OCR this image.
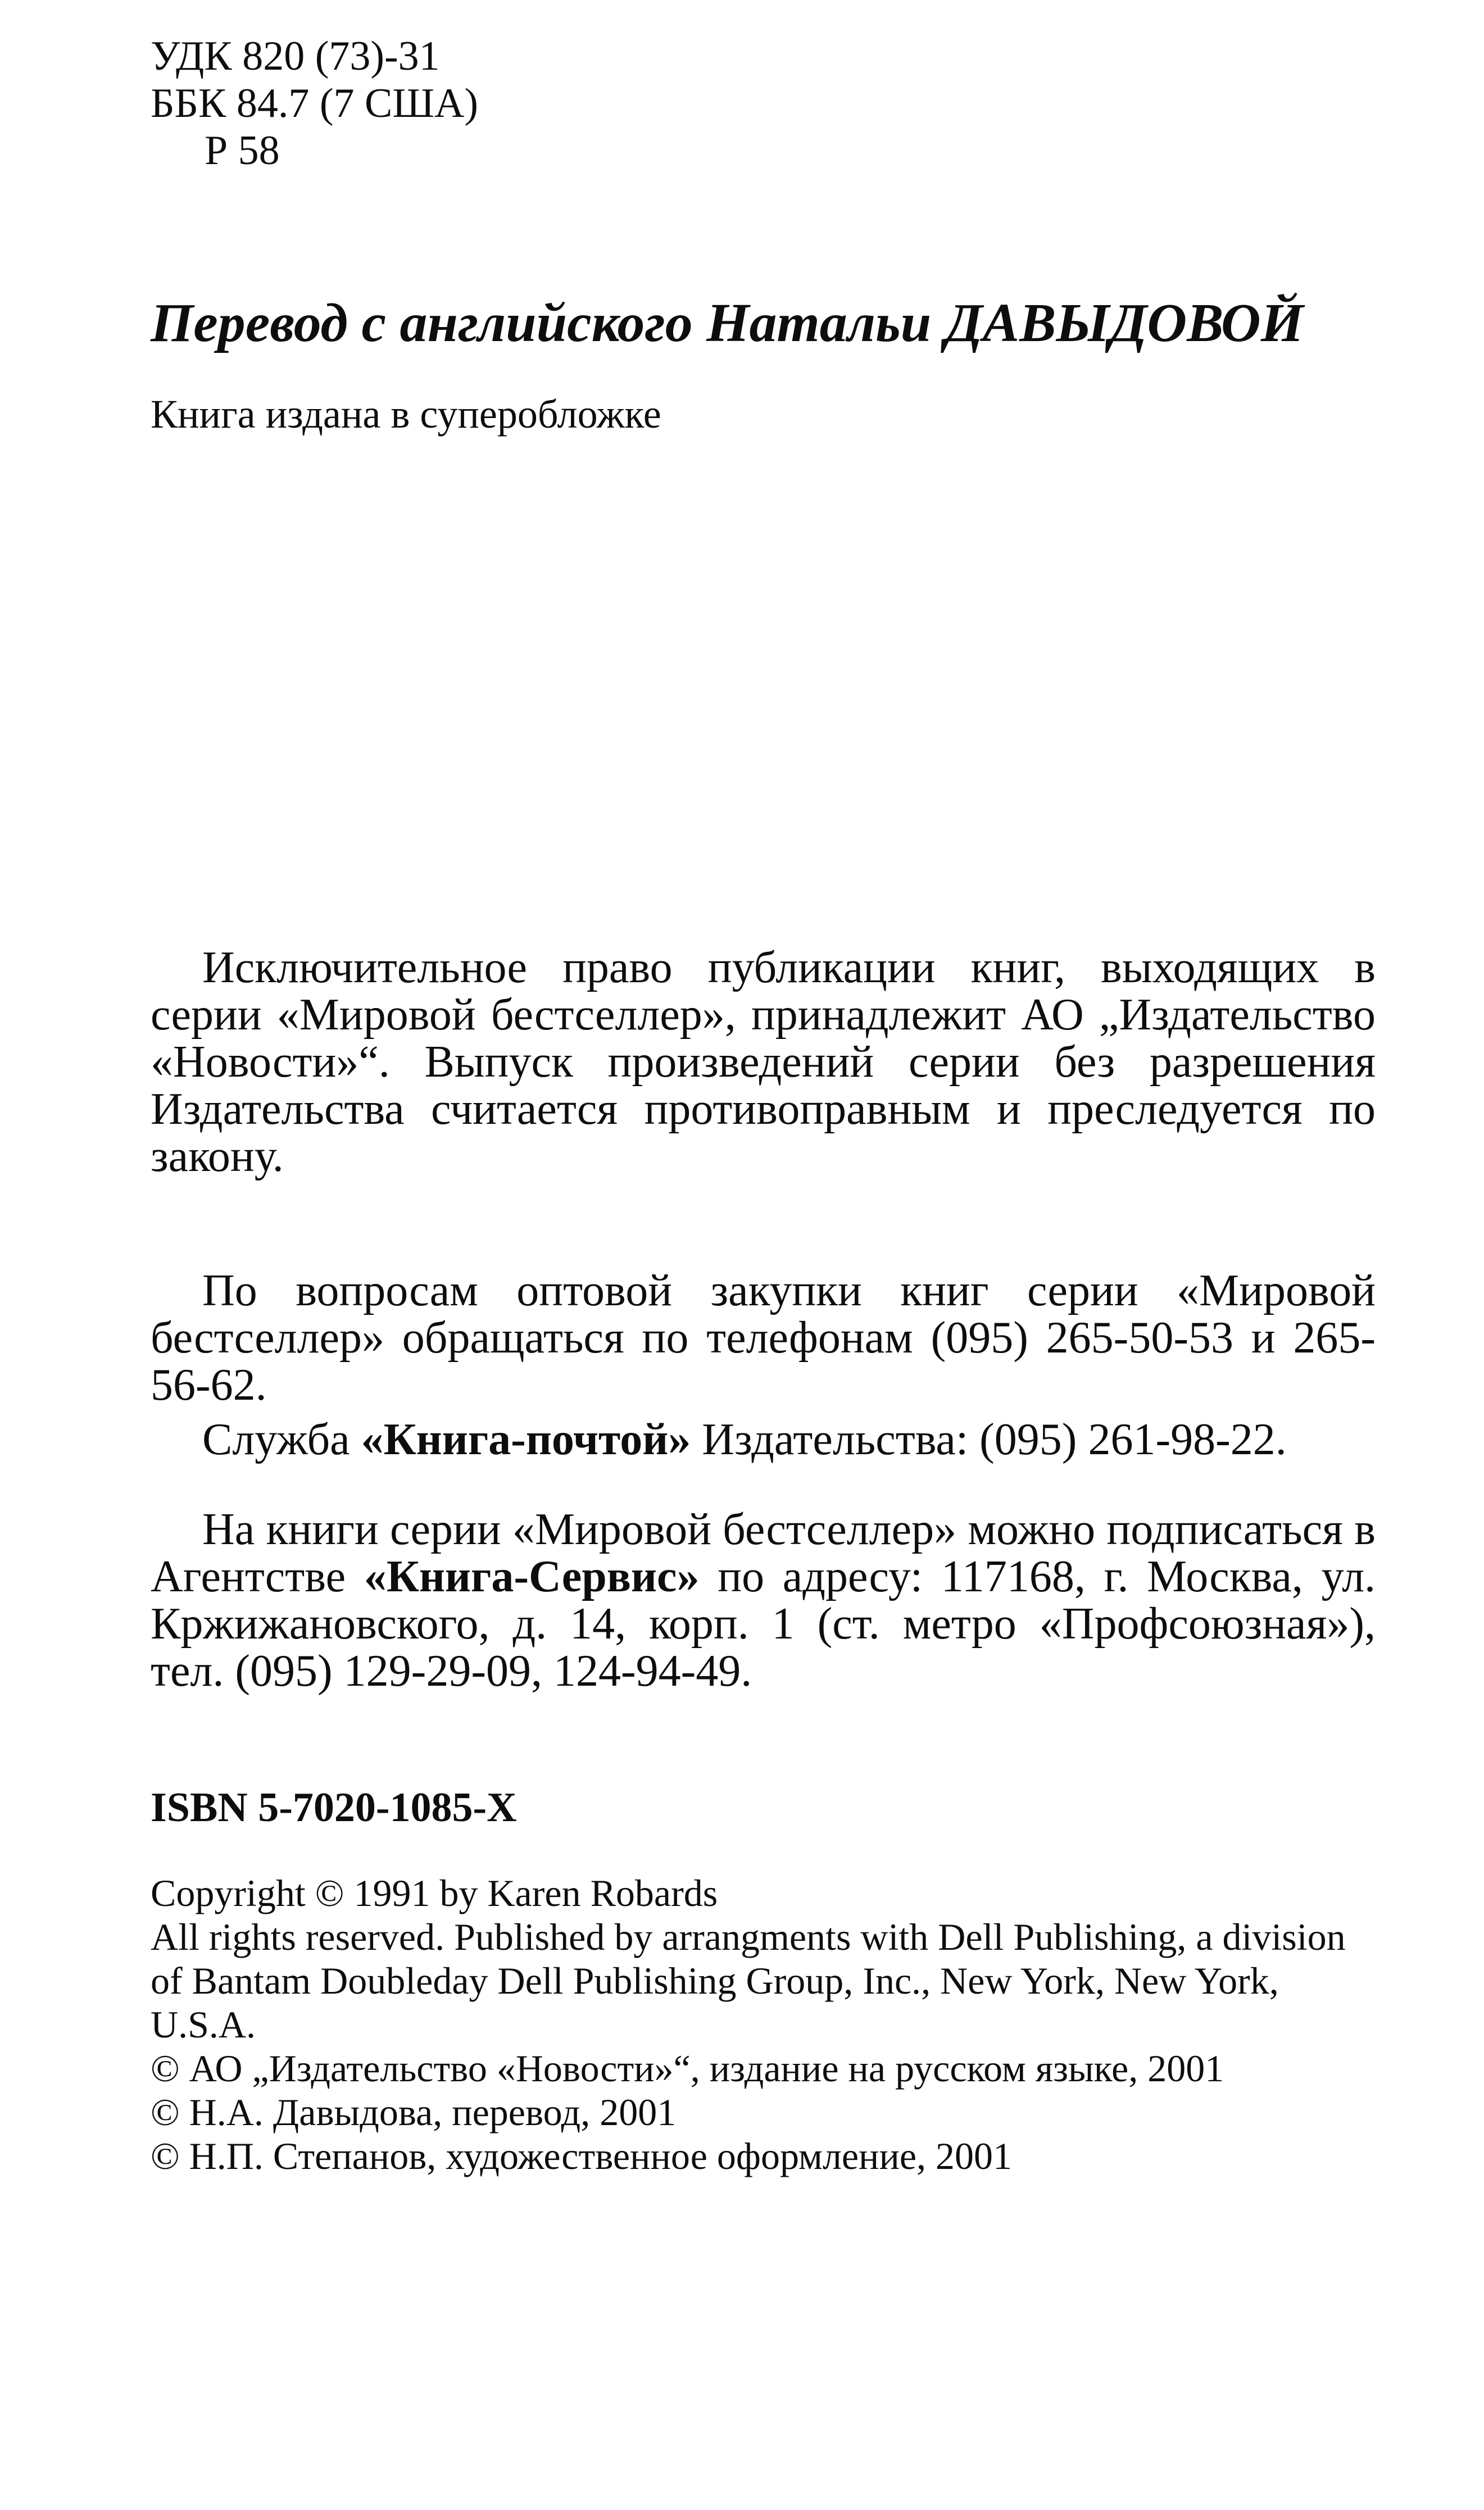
УДК 820 (73)-31
ББК 84.7 (7 США)
Р 58
Перевод с английского Натальи ДАВЫДОВОЙ
Книга издана в суперобложке

Исключительное право публикации книг, выходящих в серии «Мировой бестселлер», принадлежит АО „Издательство «Новости»“. Выпуск произведений серии без разрешения Издательства считается противоправным и преследуется по закону.

По вопросам оптовой закупки книг серии «Мировой бестселлер» обращаться по телефонам (095) 265-50-53 и 265-56-62.

Служба «Книга-почтой» Издательства: (095) 261-98-22.

На книги серии «Мировой бестселлер» можно подписаться в Агентстве «Книга-Сервис» по адресу: 117168, г. Москва, ул. Кржижановского, д. 14, корп. 1 (ст. метро «Профсоюзная»), тел. (095) 129-29-09, 124-94-49.

ISBN 5-7020-1085-X
Copyright © 1991 by Karen Robards
All rights reserved. Published by arrangments with Dell Publishing, a division of Bantam Doubleday Dell Publishing Group, Inc., New York, New York, U.S.A.
© АО „Издательство «Новости»“, издание на русском языке, 2001
© Н.А. Давыдова, перевод, 2001
© Н.П. Степанов, художественное оформление, 2001
